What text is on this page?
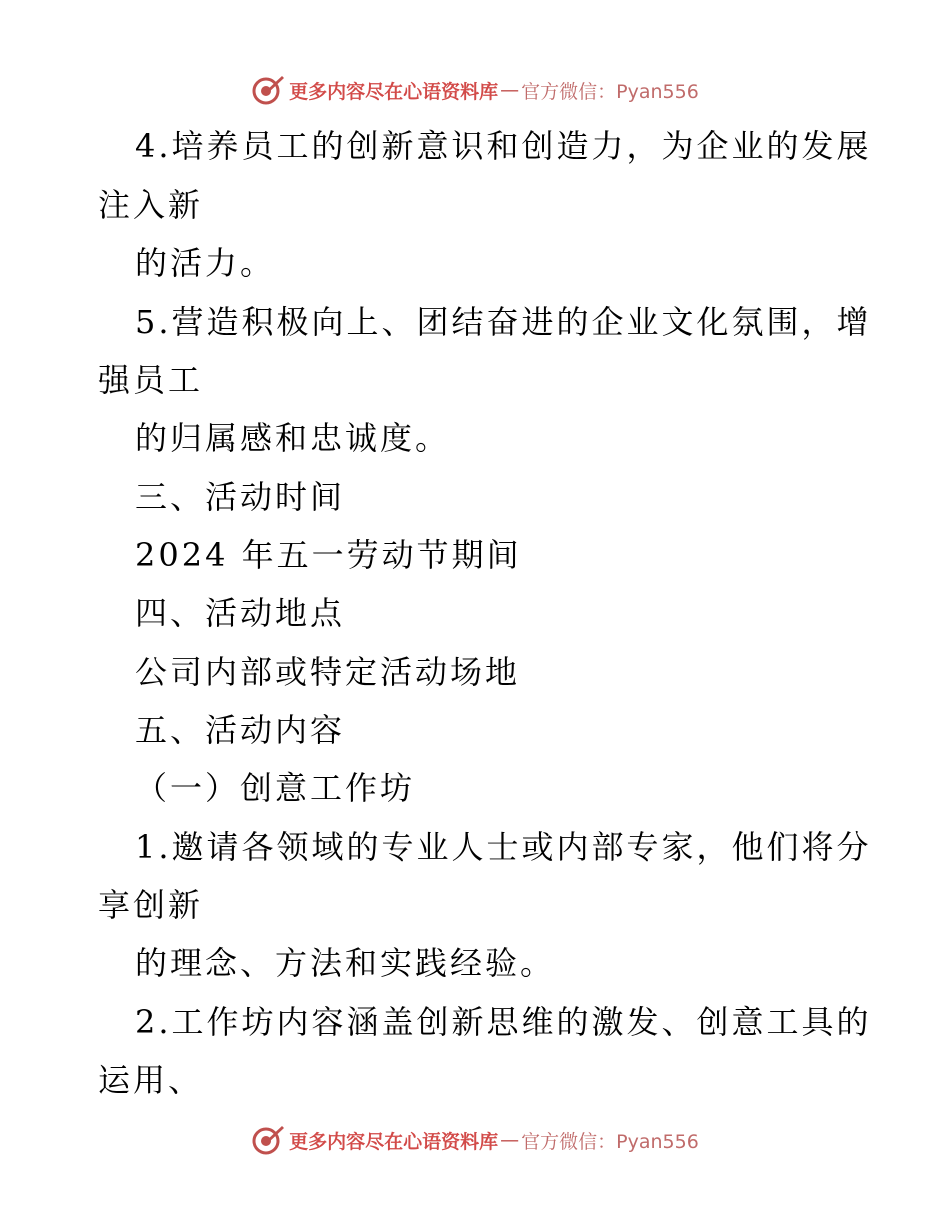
更多内容尽在心语资料库 — 官方微信：Pyan556
4.培养员工的创新意识和创造力，为企业的发展
注入新
的活力。
5.营造积极向上、团结奋进的企业文化氛围，增
强员工
的归属感和忠诚度。
三、活动时间
2024 年五一劳动节期间
四、活动地点
公司内部或特定活动场地
五、活动内容
（一）创意工作坊
1.邀请各领域的专业人士或内部专家，他们将分
享创新
的理念、方法和实践经验。
2.工作坊内容涵盖创新思维的激发、创意工具的
运用、
更多内容尽在心语资料库 — 官方微信：Pyan556
